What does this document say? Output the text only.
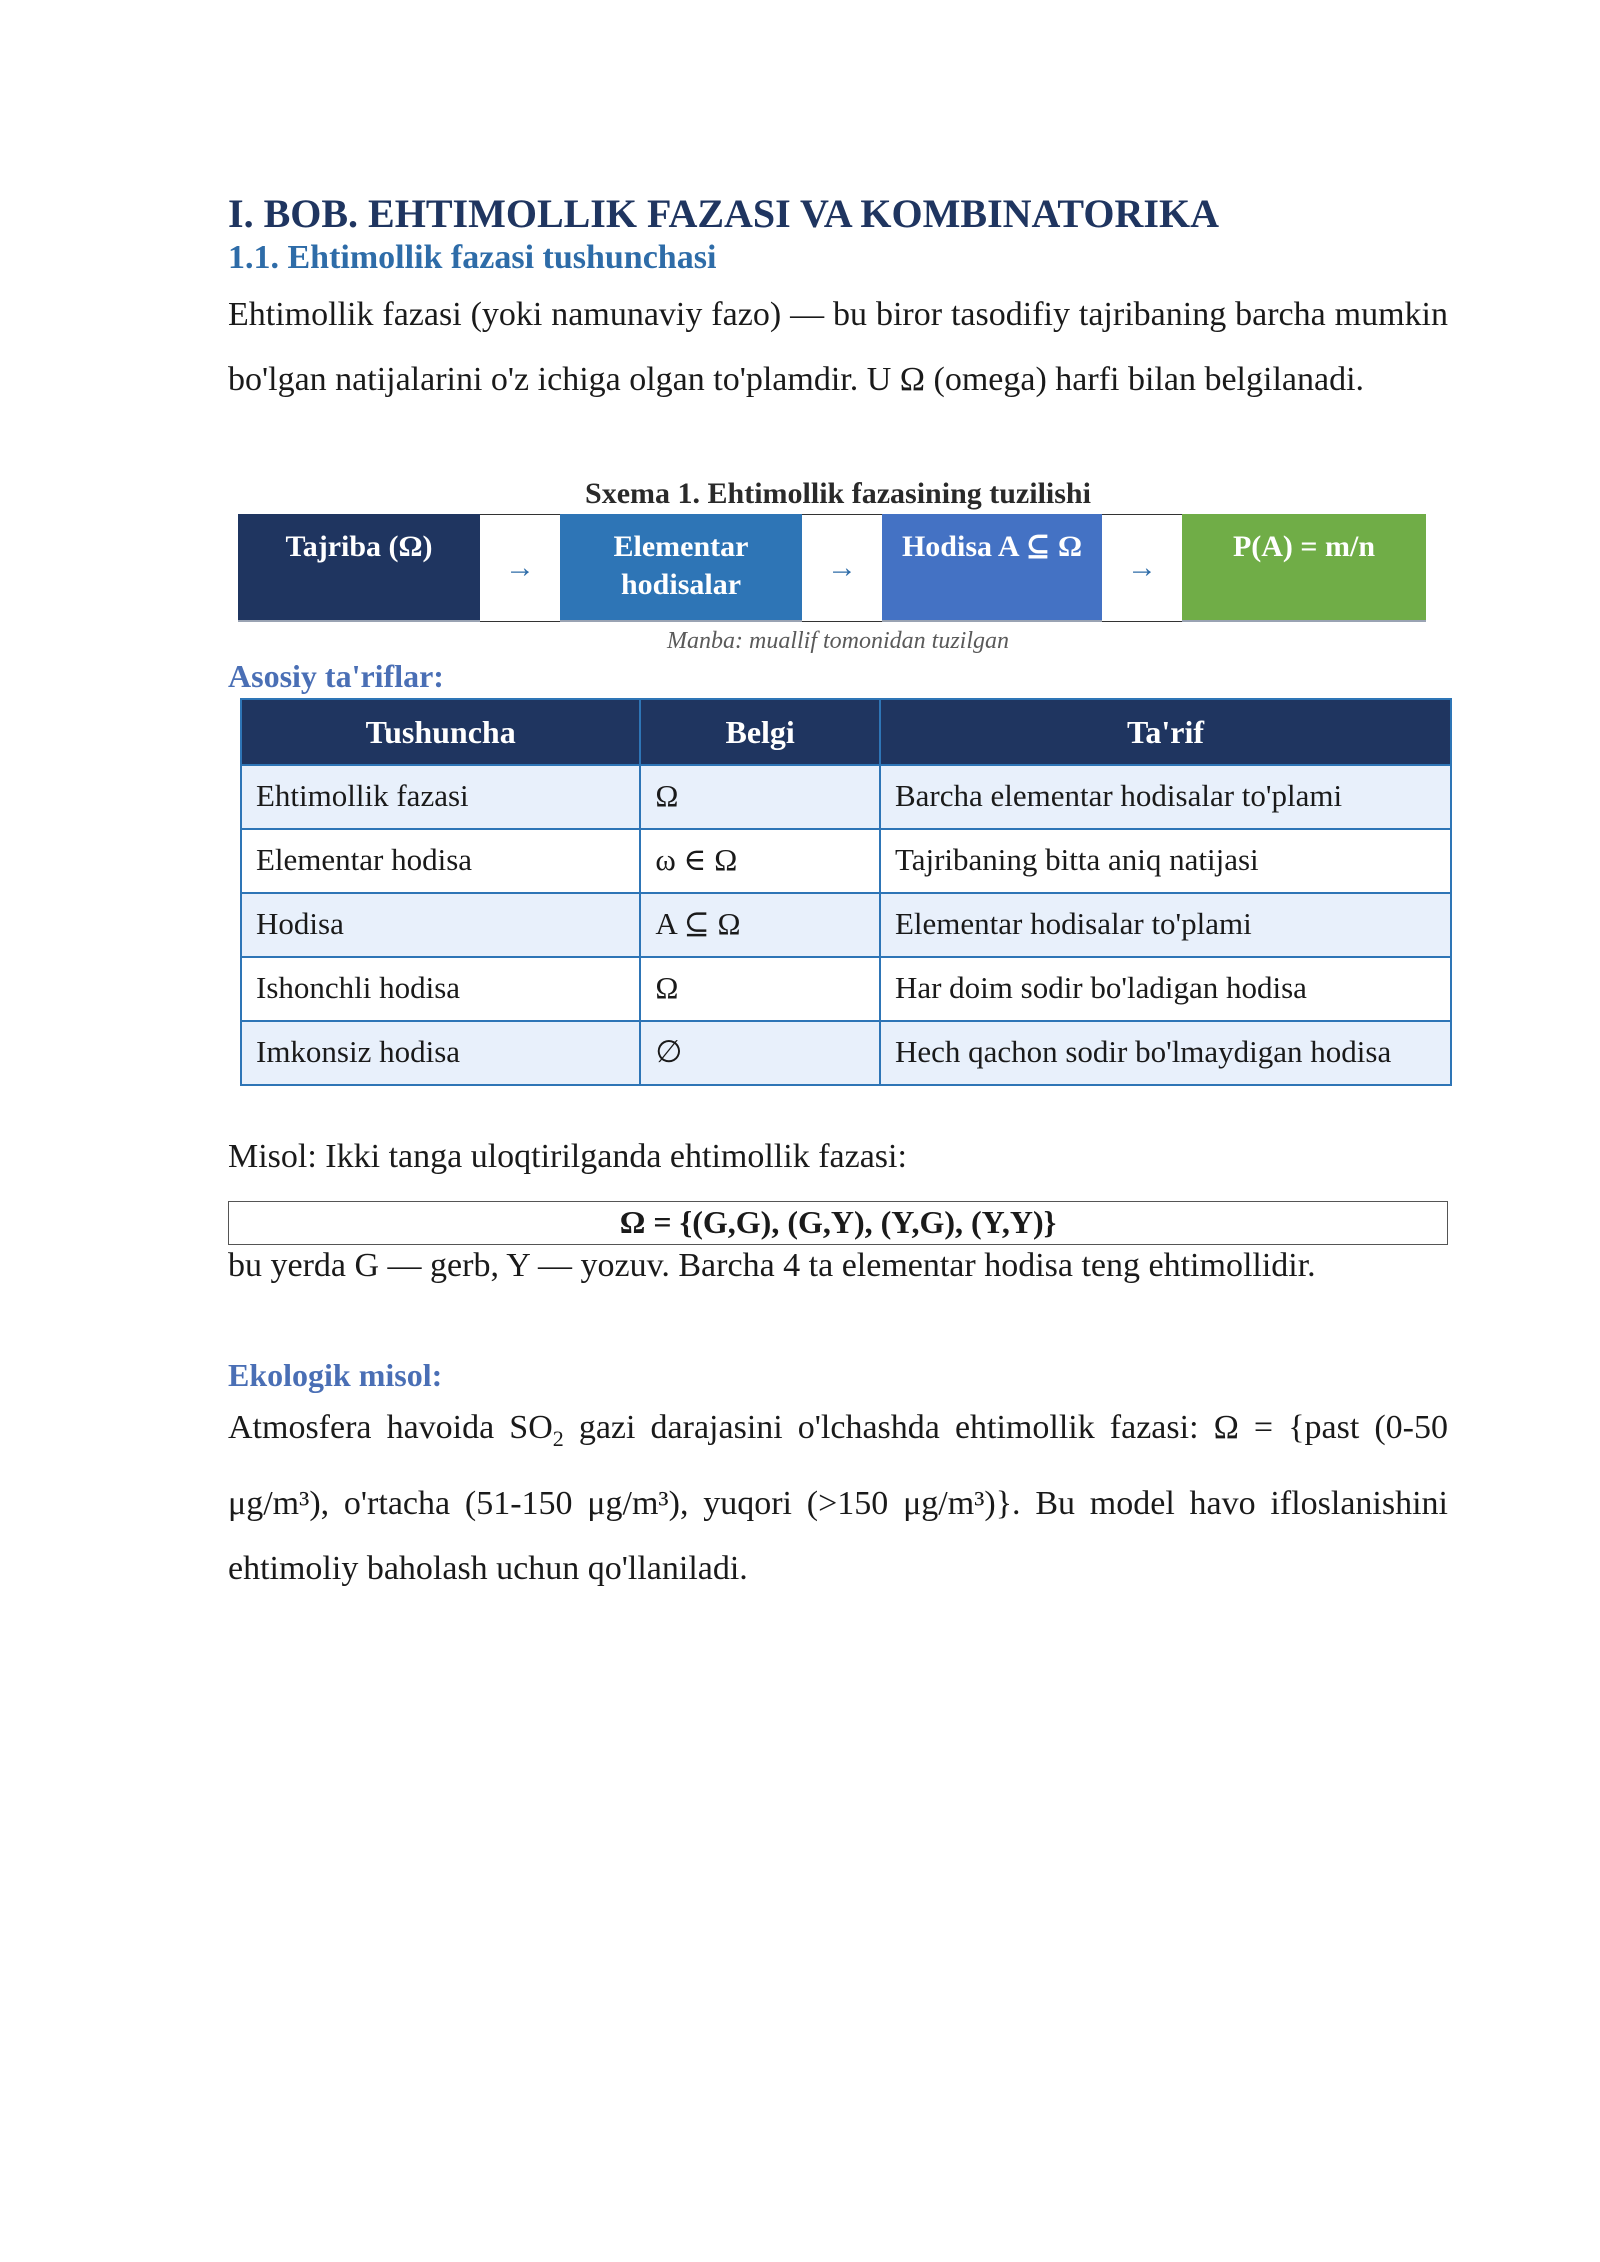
I. BOB. EHTIMOLLIK FAZASI VA KOMBINATORIKA
1.1. Ehtimollik fazasi tushunchasi

Ehtimollik fazasi (yoki namunaviy fazo) — bu biror tasodifiy tajribaning barcha mumkin bo'lgan natijalarini o'z ichiga olgan to'plamdir. U Ω (omega) harfi bilan belgilanadi.

Sxema 1. Ehtimollik fazasining tuzilishi
Tajriba (Ω)
→
Elementar hodisalar
→
Hodisa A ⊆ Ω
→
P(A) = m/n
Manba: muallif tomonidan tuzilgan
Asosiy ta'riflar:
Tushuncha	Belgi	Ta'rif
Ehtimollik fazasi	Ω	Barcha elementar hodisalar to'plami
Elementar hodisa	ω ∈ Ω	Tajribaning bitta aniq natijasi
Hodisa	A ⊆ Ω	Elementar hodisalar to'plami
Ishonchli hodisa	Ω	Har doim sodir bo'ladigan hodisa
Imkonsiz hodisa	∅	Hech qachon sodir bo'lmaydigan hodisa

Misol: Ikki tanga uloqtirilganda ehtimollik fazasi:

Ω = {(G,G), (G,Y), (Y,G), (Y,Y)}

bu yerda G — gerb, Y — yozuv. Barcha 4 ta elementar hodisa teng ehtimollidir.

Ekologik misol:

Atmosfera havoida $SO_2$ gazi darajasini o'lchashda ehtimollik fazasi: Ω = {past (0-50 μg/m³), o'rtacha (51-150 μg/m³), yuqori (>150 μg/m³)}. Bu model havo ifloslanishini ehtimoliy baholash uchun qo'llaniladi.
